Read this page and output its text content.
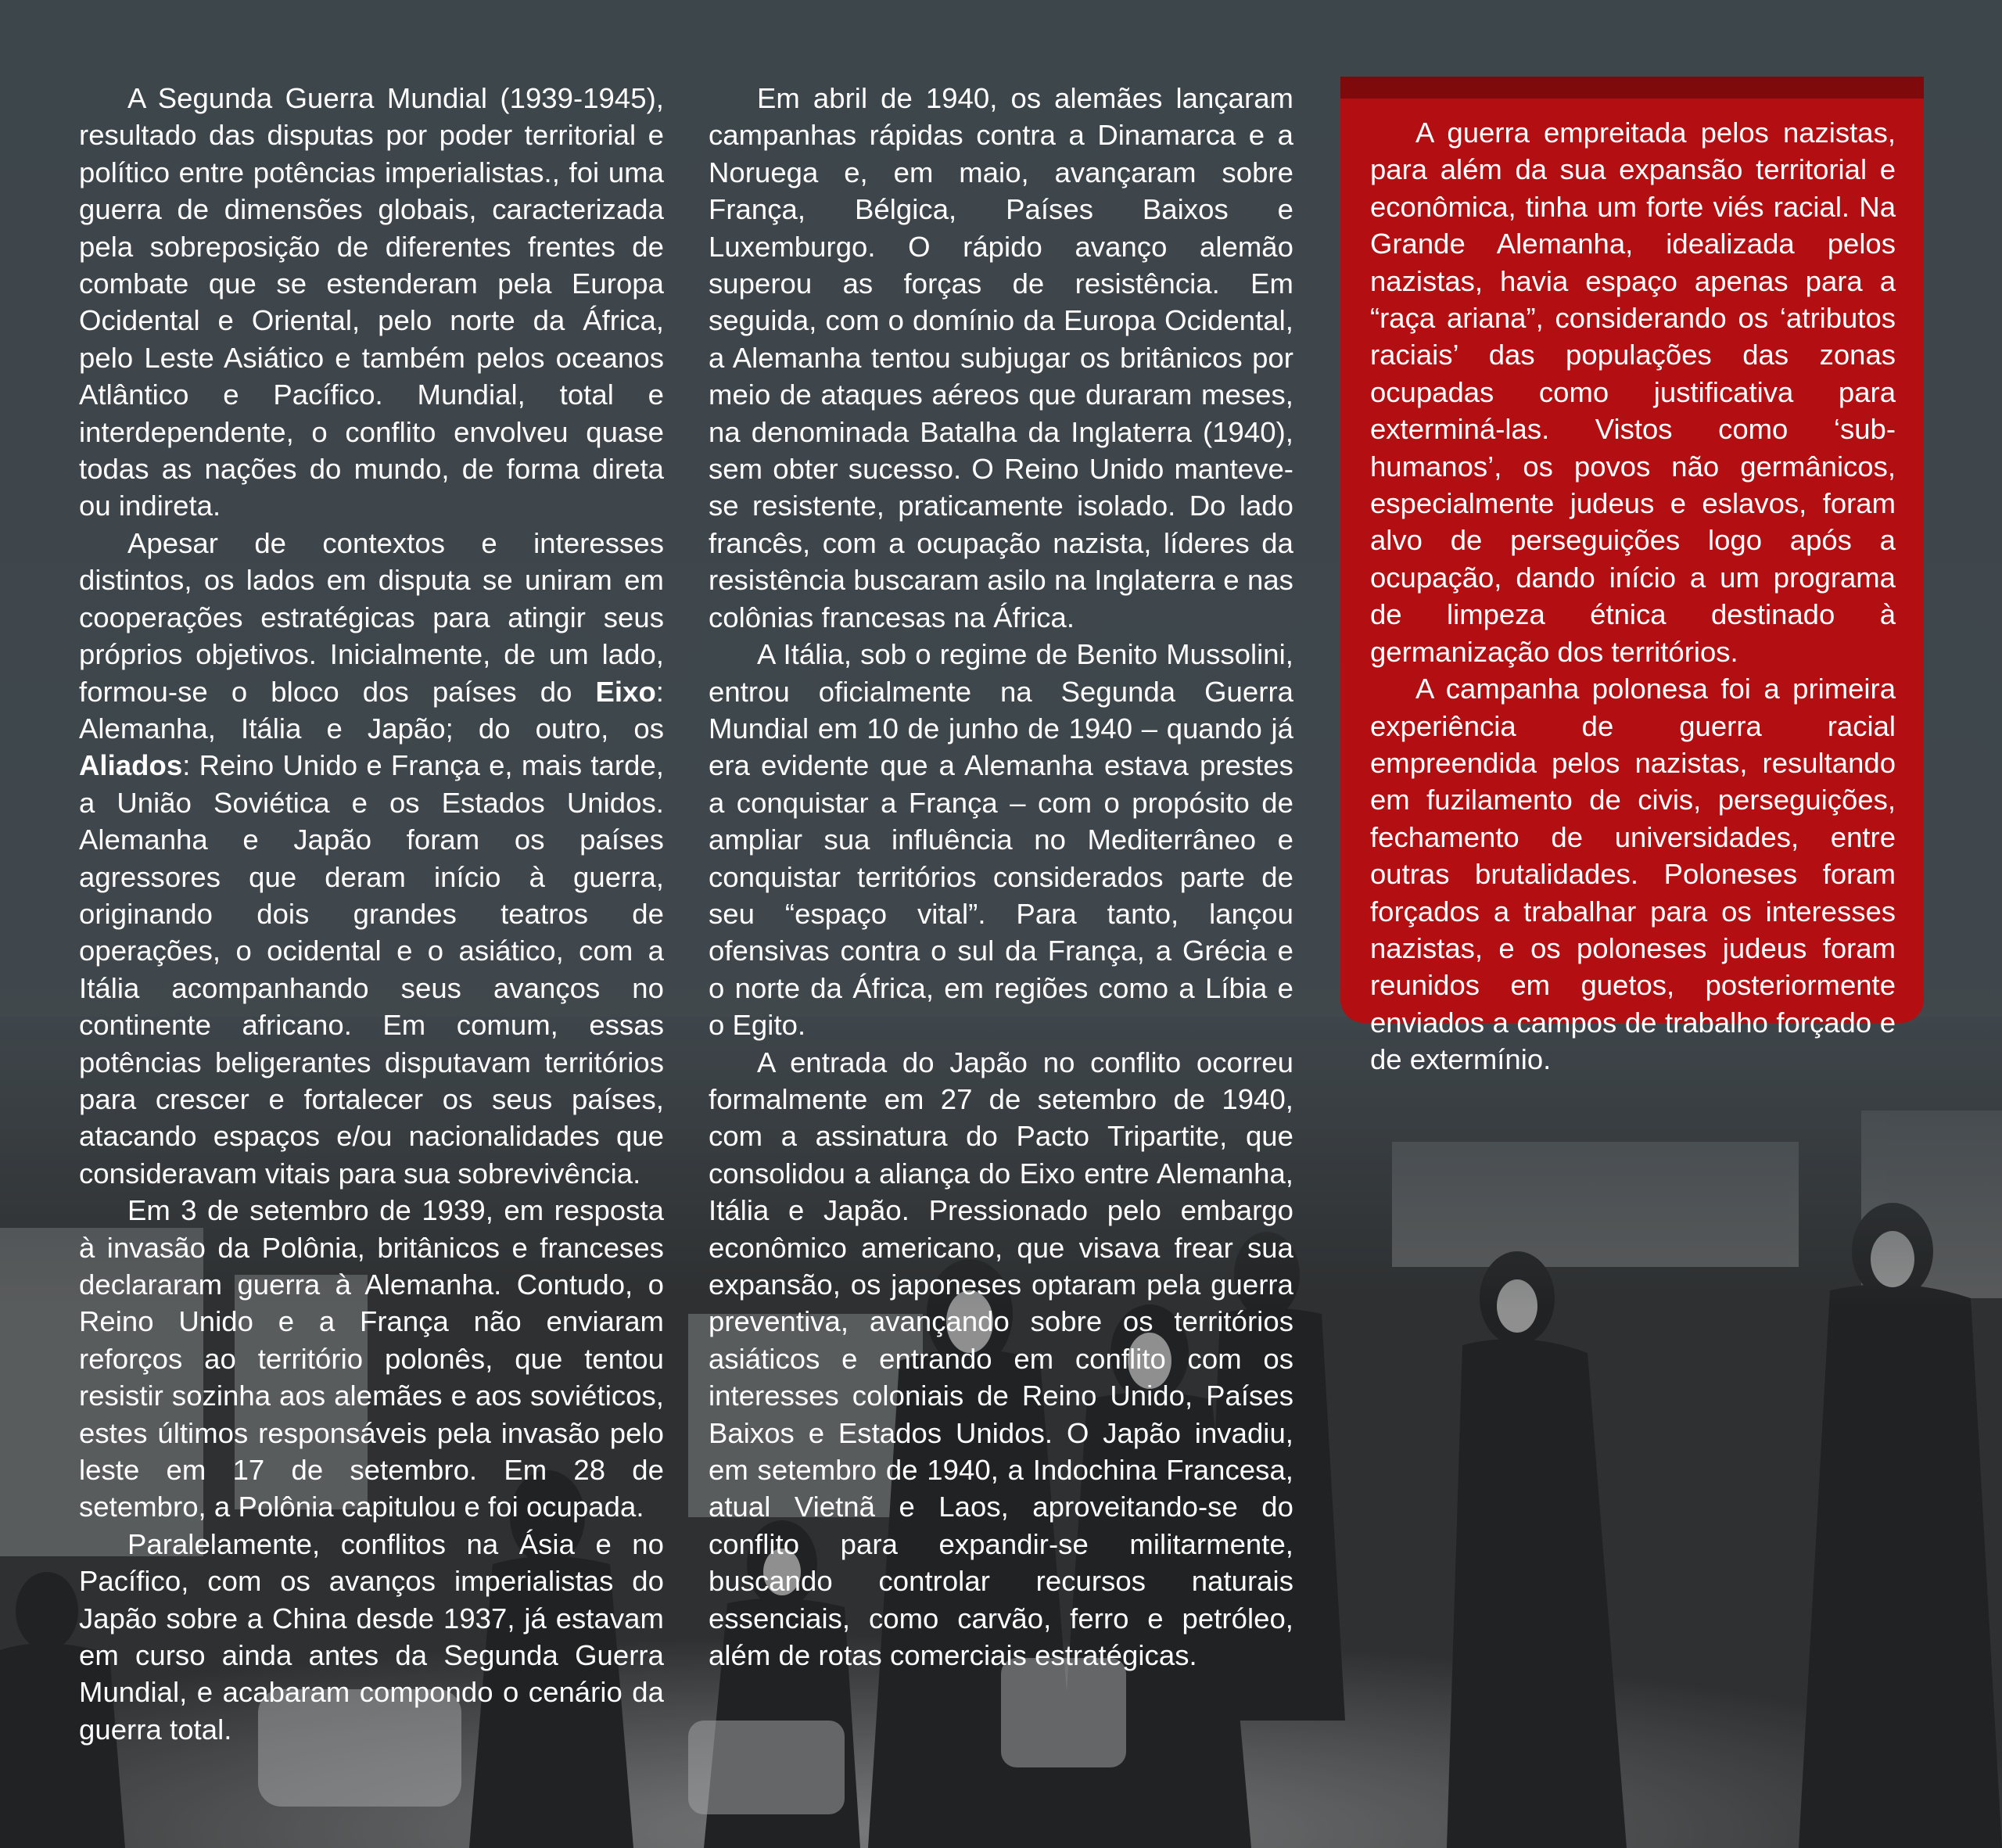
A Segunda Guerra Mundial (1939-1945), resultado das disputas por poder territorial e político entre potências imperialistas., foi uma guerra de dimensões globais, caracterizada pela sobreposição de diferentes frentes de combate que se estenderam pela Europa Ocidental e Oriental, pelo norte da África, pelo Leste Asiático e também pelos oceanos Atlântico e Pacífico. Mundial, total e interdependente, o conflito envolveu quase todas as nações do mundo, de forma direta ou indireta.

Apesar de contextos e interesses distintos, os lados em disputa se uniram em cooperações estratégicas para atingir seus próprios objetivos. Inicialmente, de um lado, formou-se o bloco dos países do Eixo: Alemanha, Itália e Japão; do outro, os Aliados: Reino Unido e França e, mais tarde, a União Soviética e os Estados Unidos. Alemanha e Japão foram os países agressores que deram início à guerra, originando dois grandes teatros de operações, o ocidental e o asiático, com a Itália acompanhando seus avanços no continente africano. Em comum, essas potências beligerantes disputavam territórios para crescer e fortalecer os seus países, atacando espaços e/ou nacionalidades que consideravam vitais para sua sobrevivência.

Em 3 de setembro de 1939, em resposta à invasão da Polônia, britânicos e franceses declararam guerra à Alemanha. Contudo, o Reino Unido e a França não enviaram reforços ao território polonês, que tentou resistir sozinha aos alemães e aos soviéticos, estes últimos responsáveis pela invasão pelo leste em 17 de setembro. Em 28 de setembro, a Polônia capitulou e foi ocupada.

Paralelamente, conflitos na Ásia e no Pacífico, com os avanços imperialistas do Japão sobre a China desde 1937, já estavam em curso ainda antes da Segunda Guerra Mundial, e acabaram compondo o cenário da guerra total.

Em abril de 1940, os alemães lançaram campanhas rápidas contra a Dinamarca e a Noruega e, em maio, avançaram sobre França, Bélgica, Países Baixos e Luxemburgo. O rápido avanço alemão superou as forças de resistência. Em seguida, com o domínio da Europa Ocidental, a Alemanha tentou subjugar os britânicos por meio de ataques aéreos que duraram meses, na denominada Batalha da Inglaterra (1940), sem obter sucesso. O Reino Unido manteve-se resistente, praticamente isolado. Do lado francês, com a ocupação nazista, líderes da resistência buscaram asilo na Inglaterra e nas colônias francesas na África.

A Itália, sob o regime de Benito Mussolini, entrou oficialmente na Segunda Guerra Mundial em 10 de junho de 1940 – quando já era evidente que a Alemanha estava prestes a conquistar a França – com o propósito de ampliar sua influência no Mediterrâneo e conquistar territórios considerados parte de seu “espaço vital”. Para tanto, lançou ofensivas contra o sul da França, a Grécia e o norte da África, em regiões como a Líbia e o Egito.

A entrada do Japão no conflito ocorreu formalmente em 27 de setembro de 1940, com a assinatura do Pacto Tripartite, que consolidou a aliança do Eixo entre Alemanha, Itália e Japão. Pressionado pelo embargo econômico americano, que visava frear sua expansão, os japoneses optaram pela guerra preventiva, avançando sobre os territórios asiáticos e entrando em conflito com os interesses coloniais de Reino Unido, Países Baixos e Estados Unidos. O Japão invadiu, em setembro de 1940, a Indochina Francesa, atual Vietnã e Laos, aproveitando-se do conflito para expandir-se militarmente, buscando controlar recursos naturais essenciais, como carvão, ferro e petróleo, além de rotas comerciais estratégicas.

A guerra empreitada pelos nazistas, para além da sua expansão territorial e econômica, tinha um forte viés racial. Na Grande Alemanha, idealizada pelos nazistas, havia espaço apenas para a “raça ariana”, considerando os ‘atributos raciais’ das populações das zonas ocupadas como justificativa para exterminá-las. Vistos como ‘sub-humanos’, os povos não germânicos, especialmente judeus e eslavos, foram alvo de perseguições logo após a ocupação, dando início a um programa de limpeza étnica destinado à germanização dos territórios.

A campanha polonesa foi a primeira experiência de guerra racial empreendida pelos nazistas, resultando em fuzilamento de civis, perseguições, fechamento de universidades, entre outras brutalidades. Poloneses foram forçados a trabalhar para os interesses nazistas, e os poloneses judeus foram reunidos em guetos, posteriormente enviados a campos de trabalho forçado e de extermínio.
